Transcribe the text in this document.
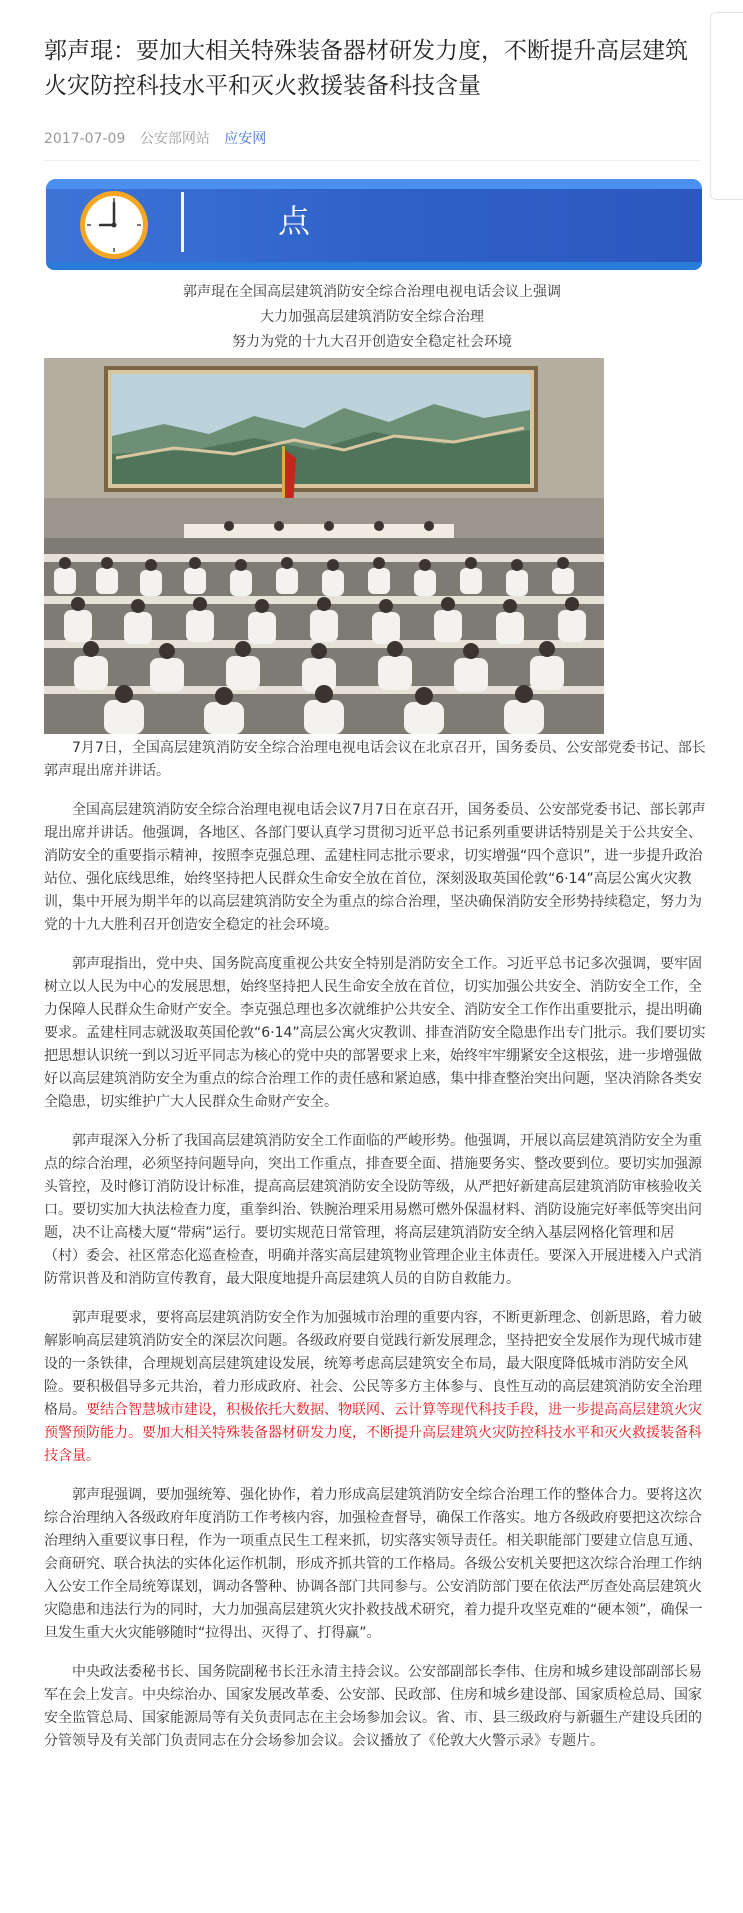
郭声琨：要加大相关特殊装备器材研发力度，不断提升高层建筑火灾防控科技水平和灭火救援装备科技含量
2017-07-09 公安部网站 应安网
点
郭声琨在全国高层建筑消防安全综合治理电视电话会议上强调
大力加强高层建筑消防安全综合治理
努力为党的十九大召开创造安全稳定社会环境

7月7日，全国高层建筑消防安全综合治理电视电话会议在北京召开，国务委员、公安部党委书记、部长郭声琨出席并讲话。

全国高层建筑消防安全综合治理电视电话会议7月7日在京召开，国务委员、公安部党委书记、部长郭声琨出席并讲话。他强调，各地区、各部门要认真学习贯彻习近平总书记系列重要讲话特别是关于公共安全、消防安全的重要指示精神，按照李克强总理、孟建柱同志批示要求，切实增强“四个意识”，进一步提升政治站位、强化底线思维，始终坚持把人民群众生命安全放在首位，深刻汲取英国伦敦“6·14”高层公寓火灾教训，集中开展为期半年的以高层建筑消防安全为重点的综合治理，坚决确保消防安全形势持续稳定，努力为党的十九大胜利召开创造安全稳定的社会环境。

郭声琨指出，党中央、国务院高度重视公共安全特别是消防安全工作。习近平总书记多次强调，要牢固树立以人民为中心的发展思想，始终坚持把人民生命安全放在首位，切实加强公共安全、消防安全工作，全力保障人民群众生命财产安全。李克强总理也多次就维护公共安全、消防安全工作作出重要批示，提出明确要求。孟建柱同志就汲取英国伦敦“6·14”高层公寓火灾教训、排查消防安全隐患作出专门批示。我们要切实把思想认识统一到以习近平同志为核心的党中央的部署要求上来，始终牢牢绷紧安全这根弦，进一步增强做好以高层建筑消防安全为重点的综合治理工作的责任感和紧迫感，集中排查整治突出问题，坚决消除各类安全隐患，切实维护广大人民群众生命财产安全。

郭声琨深入分析了我国高层建筑消防安全工作面临的严峻形势。他强调，开展以高层建筑消防安全为重点的综合治理，必须坚持问题导向，突出工作重点，排查要全面、措施要务实、整改要到位。要切实加强源头管控，及时修订消防设计标准，提高高层建筑消防安全设防等级，从严把好新建高层建筑消防审核验收关口。要切实加大执法检查力度，重拳纠治、铁腕治理采用易燃可燃外保温材料、消防设施完好率低等突出问题，决不让高楼大厦“带病”运行。要切实规范日常管理，将高层建筑消防安全纳入基层网格化管理和居（村）委会、社区常态化巡查检查，明确并落实高层建筑物业管理企业主体责任。要深入开展进楼入户式消防常识普及和消防宣传教育，最大限度地提升高层建筑人员的自防自救能力。

郭声琨要求，要将高层建筑消防安全作为加强城市治理的重要内容，不断更新理念、创新思路，着力破解影响高层建筑消防安全的深层次问题。各级政府要自觉践行新发展理念，坚持把安全发展作为现代城市建设的一条铁律，合理规划高层建筑建设发展，统筹考虑高层建筑安全布局，最大限度降低城市消防安全风险。要积极倡导多元共治，着力形成政府、社会、公民等多方主体参与、良性互动的高层建筑消防安全治理格局。要结合智慧城市建设，积极依托大数据、物联网、云计算等现代科技手段，进一步提高高层建筑火灾预警预防能力。要加大相关特殊装备器材研发力度，不断提升高层建筑火灾防控科技水平和灭火救援装备科技含量。

郭声琨强调，要加强统筹、强化协作，着力形成高层建筑消防安全综合治理工作的整体合力。要将这次综合治理纳入各级政府年度消防工作考核内容，加强检查督导，确保工作落实。地方各级政府要把这次综合治理纳入重要议事日程，作为一项重点民生工程来抓，切实落实领导责任。相关职能部门要建立信息互通、会商研究、联合执法的实体化运作机制，形成齐抓共管的工作格局。各级公安机关要把这次综合治理工作纳入公安工作全局统筹谋划，调动各警种、协调各部门共同参与。公安消防部门要在依法严厉查处高层建筑火灾隐患和违法行为的同时，大力加强高层建筑火灾扑救技战术研究，着力提升攻坚克难的“硬本领”，确保一旦发生重大火灾能够随时“拉得出、灭得了、打得赢”。

中央政法委秘书长、国务院副秘书长汪永清主持会议。公安部副部长李伟、住房和城乡建设部副部长易军在会上发言。中央综治办、国家发展改革委、公安部、民政部、住房和城乡建设部、国家质检总局、国家安全监管总局、国家能源局等有关负责同志在主会场参加会议。省、市、县三级政府与新疆生产建设兵团的分管领导及有关部门负责同志在分会场参加会议。会议播放了《伦敦大火警示录》专题片。
